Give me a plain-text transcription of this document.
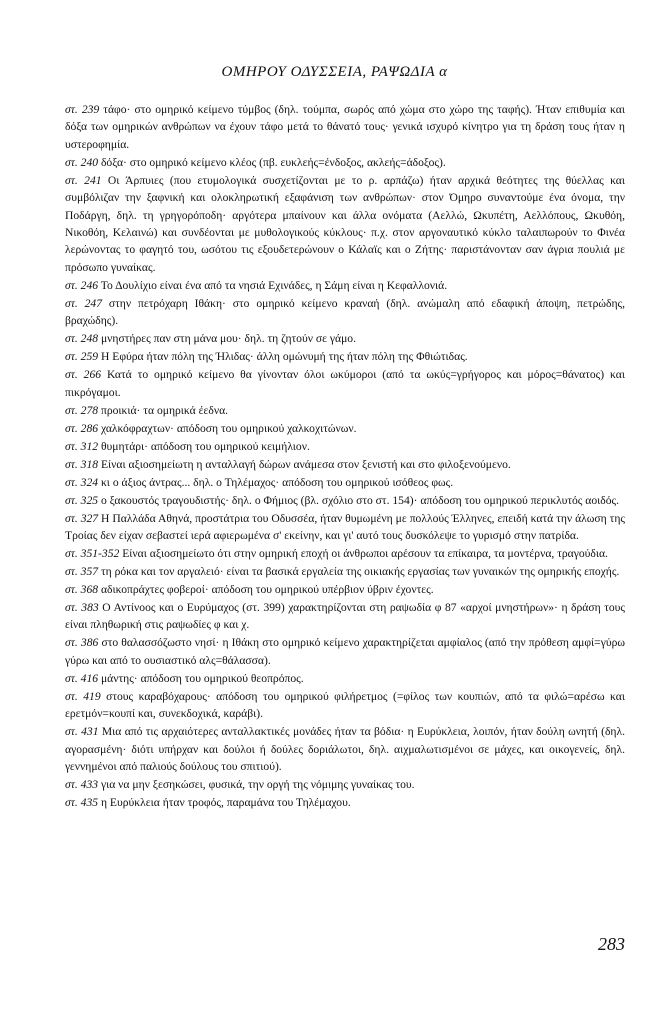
ΟΜΗΡΟΥ ΟΔΥΣΣΕΙΑ, ΡΑΨΩΔΙΑ α

στ. 239 τάφο· στο ομηρικό κείμενο τύμβος (δηλ. τούμπα, σωρός από χώμα στο χώρο της ταφής). Ήταν επιθυμία και δόξα των ομηρικών ανθρώπων να έχουν τάφο μετά το θάνατό τους· γενικά ισχυρό κίνητρο για τη δράση τους ήταν η υστεροφημία.

στ. 240 δόξα· στο ομηρικό κείμενο κλέος (πβ. ευκλεής=ένδοξος, ακλεής=άδοξος).

στ. 241 Οι Άρπυιες (που ετυμολογικά συσχετίζονται με το ρ. αρπάζω) ήταν αρχικά θεότητες της θύελλας και συμβόλιζαν την ξαφνική και ολοκληρωτική εξαφάνιση των ανθρώπων· στον Όμηρο συναντούμε ένα όνομα, την Ποδάργη, δηλ. τη γρηγορόποδη· αργότερα μπαίνουν και άλλα ονόματα (Αελλώ, Ωκυπέτη, Αελλόπους, Ωκυθόη, Νικοθόη, Κελαινώ) και συνδέονται με μυθολογικούς κύκλους· π.χ. στον αργοναυτικό κύκλο ταλαιπωρούν το Φινέα λερώνοντας το φαγητό του, ωσότου τις εξουδετερώνουν ο Κάλαϊς και ο Ζήτης· παριστάνονταν σαν άγρια πουλιά με πρόσωπο γυναίκας.

στ. 246 Το Δουλίχιο είναι ένα από τα νησιά Εχινάδες, η Σάμη είναι η Κεφαλλονιά.

στ. 247 στην πετρόχαρη Ιθάκη· στο ομηρικό κείμενο κραναή (δηλ. ανώμαλη από εδαφική άποψη, πετρώδης, βραχώδης).

στ. 248 μνηστήρες παν στη μάνα μου· δηλ. τη ζητούν σε γάμο.

στ. 259 Η Εφύρα ήταν πόλη της Ήλιδας· άλλη ομώνυμή της ήταν πόλη της Φθιώτιδας.

στ. 266 Κατά το ομηρικό κείμενο θα γίνονταν όλοι ωκύμοροι (από τα ωκύς=γρήγορος και μόρος=θάνατος) και πικρόγαμοι.

στ. 278 προικιά· τα ομηρικά έεδνα.

στ. 286 χαλκόφραχτων· απόδοση του ομηρικού χαλκοχιτώνων.

στ. 312 θυμητάρι· απόδοση του ομηρικού κειμήλιον.

στ. 318 Είναι αξιοσημείωτη η ανταλλαγή δώρων ανάμεσα στον ξενιστή και στο φιλοξενούμενο.

στ. 324 κι ο άξιος άντρας... δηλ. ο Τηλέμαχος· απόδοση του ομηρικού ισόθεος φως.

στ. 325 ο ξακουστός τραγουδιστής· δηλ. ο Φήμιος (βλ. σχόλιο στο στ. 154)· απόδοση του ομηρικού περικλυτός αοιδός.

στ. 327 Η Παλλάδα Αθηνά, προστάτρια του Οδυσσέα, ήταν θυμωμένη με πολλούς Έλληνες, επειδή κατά την άλωση της Τροίας δεν είχαν σεβαστεί ιερά αφιερωμένα σ' εκείνην, και γι' αυτό τους δυσκόλεψε το γυρισμό στην πατρίδα.

στ. 351-352 Είναι αξιοσημείωτο ότι στην ομηρική εποχή οι άνθρωποι αρέσουν τα επίκαιρα, τα μοντέρνα, τραγούδια.

στ. 357 τη ρόκα και τον αργαλειό· είναι τα βασικά εργαλεία της οικιακής εργασίας των γυναικών της ομηρικής εποχής.

στ. 368 αδικοπράχτες φοβεροί· απόδοση του ομηρικού υπέρβιον ύβριν έχοντες.

στ. 383 Ο Αντίνοος και ο Ευρύμαχος (στ. 399) χαρακτηρίζονται στη ραψωδία φ 87 «αρχοί μνηστήρων»· η δράση τους είναι πληθωρική στις ραψωδίες φ και χ.

στ. 386 στο θαλασσόζωστο νησί· η Ιθάκη στο ομηρικό κείμενο χαρακτηρίζεται αμφίαλος (από την πρόθεση αμφί=γύρω γύρω και από το ουσιαστικό αλς=θάλασσα).

στ. 416 μάντης· απόδοση του ομηρικού θεοπρόπος.

στ. 419 στους καραβόχαρους· απόδοση του ομηρικού φιλήρετμος (=φίλος των κουπιών, από τα φιλώ=αρέσω και ερετμόν=κουπί και, συνεκδοχικά, καράβι).

στ. 431 Μια από τις αρχαιότερες ανταλλακτικές μονάδες ήταν τα βόδια· η Ευρύκλεια, λοιπόν, ήταν δούλη ωνητή (δηλ. αγορασμένη· διότι υπήρχαν και δούλοι ή δούλες δοριάλωτοι, δηλ. αιχμαλωτισμένοι σε μάχες, και οικογενείς, δηλ. γεννημένοι από παλιούς δούλους του σπιτιού).

στ. 433 για να μην ξεσηκώσει, φυσικά, την οργή της νόμιμης γυναίκας του.

στ. 435 η Ευρύκλεια ήταν τροφός, παραμάνα του Τηλέμαχου.

283
